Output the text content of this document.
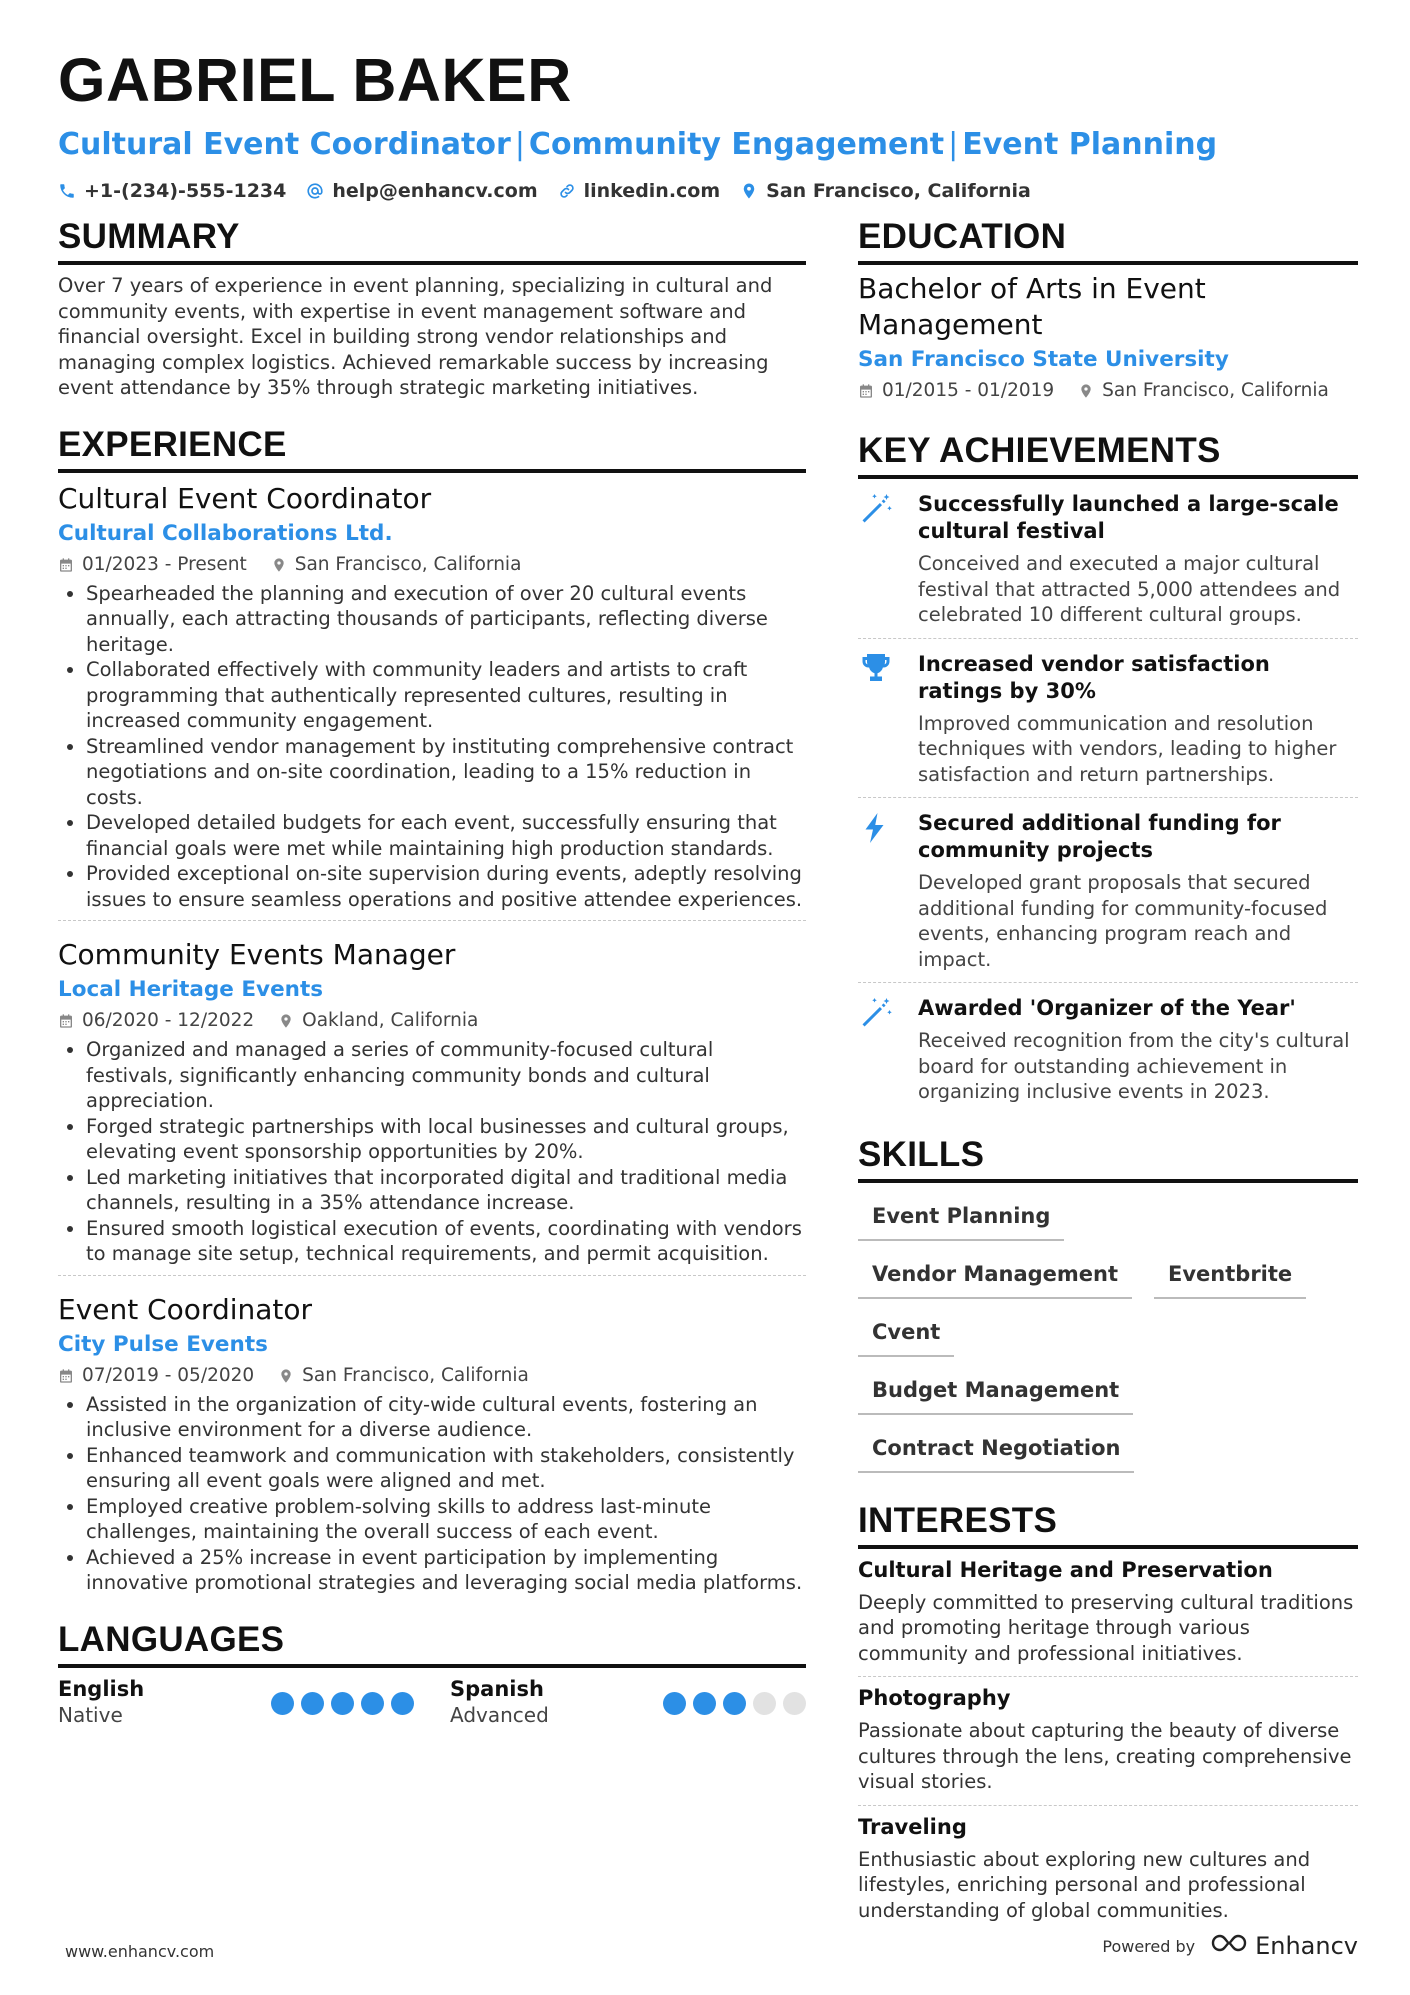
GABRIEL BAKER
Cultural Event Coordinator | Community Engagement | Event Planning
+1-(234)-555-1234 help@enhancv.com linkedin.com San Francisco, California
SUMMARY
Over 7 years of experience in event planning, specializing in cultural and community events, with expertise in event management software and financial oversight. Excel in building strong vendor relationships and managing complex logistics. Achieved remarkable success by increasing event attendance by 35% through strategic marketing initiatives.
EXPERIENCE
Cultural Event Coordinator
Cultural Collaborations Ltd.
01/2023 - Present	San Francisco, California
• Spearheaded the planning and execution of over 20 cultural events annually, each attracting thousands of participants, reflecting diverse heritage.
• Collaborated effectively with community leaders and artists to craft programming that authentically represented cultures, resulting in increased community engagement.
• Streamlined vendor management by instituting comprehensive contract negotiations and on-site coordination, leading to a 15% reduction in costs.
• Developed detailed budgets for each event, successfully ensuring that financial goals were met while maintaining high production standards.
• Provided exceptional on-site supervision during events, adeptly resolving issues to ensure seamless operations and positive attendee experiences.
Community Events Manager
Local Heritage Events
06/2020 - 12/2022	Oakland, California
• Organized and managed a series of community-focused cultural festivals, significantly enhancing community bonds and cultural appreciation.
• Forged strategic partnerships with local businesses and cultural groups, elevating event sponsorship opportunities by 20%.
• Led marketing initiatives that incorporated digital and traditional media channels, resulting in a 35% attendance increase.
• Ensured smooth logistical execution of events, coordinating with vendors to manage site setup, technical requirements, and permit acquisition.
Event Coordinator
City Pulse Events
07/2019 - 05/2020	San Francisco, California
• Assisted in the organization of city-wide cultural events, fostering an inclusive environment for a diverse audience.
• Enhanced teamwork and communication with stakeholders, consistently ensuring all event goals were aligned and met.
• Employed creative problem-solving skills to address last-minute challenges, maintaining the overall success of each event.
• Achieved a 25% increase in event participation by implementing innovative promotional strategies and leveraging social media platforms.
LANGUAGES
English
Native
Spanish
Advanced
EDUCATION
Bachelor of Arts in Event Management
San Francisco State University
01/2015 - 01/2019	San Francisco, California
KEY ACHIEVEMENTS
Successfully launched a large-scale cultural festival
Conceived and executed a major cultural festival that attracted 5,000 attendees and celebrated 10 different cultural groups.
Increased vendor satisfaction ratings by 30%
Improved communication and resolution techniques with vendors, leading to higher satisfaction and return partnerships.
Secured additional funding for community projects
Developed grant proposals that secured additional funding for community-focused events, enhancing program reach and impact.
Awarded 'Organizer of the Year'
Received recognition from the city's cultural board for outstanding achievement in organizing inclusive events in 2023.
SKILLS
Event Planning
Vendor Management	Eventbrite
Cvent
Budget Management
Contract Negotiation
INTERESTS
Cultural Heritage and Preservation
Deeply committed to preserving cultural traditions and promoting heritage through various community and professional initiatives.
Photography
Passionate about capturing the beauty of diverse cultures through the lens, creating comprehensive visual stories.
Traveling
Enthusiastic about exploring new cultures and lifestyles, enriching personal and professional understanding of global communities.
www.enhancv.com	Powered by	Enhancv
